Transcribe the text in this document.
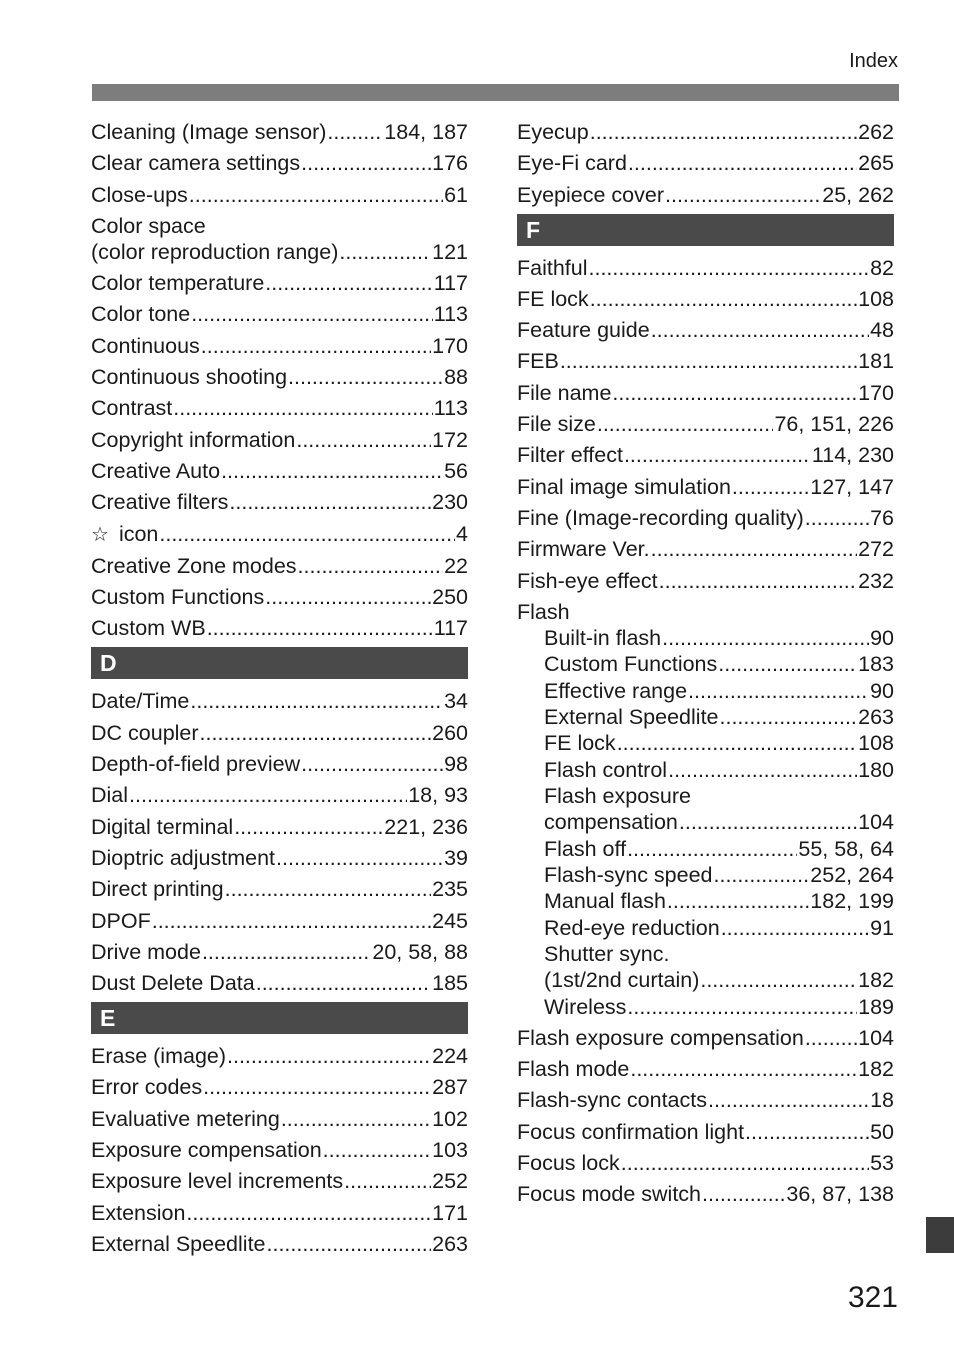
Index
Cleaning (Image sensor) .....	184, 187
Clear camera settings .....	176
Close-ups .....	61
Color space
(color reproduction range) .....	121
Color temperature .....	117
Color tone .....	113
Continuous .....	170
Continuous shooting .....	88
Contrast .....	113
Copyright information .....	172
Creative Auto .....	56
Creative filters .....	230
☆ icon .....	4
Creative Zone modes .....	22
Custom Functions .....	250
Custom WB .....	117
D
Date/Time .....	34
DC coupler .....	260
Depth-of-field preview .....	98
Dial .....	18, 93
Digital terminal .....	221, 236
Dioptric adjustment .....	39
Direct printing .....	235
DPOF .....	245
Drive mode .....	20, 58, 88
Dust Delete Data .....	185
E
Erase (image) .....	224
Error codes .....	287
Evaluative metering .....	102
Exposure compensation .....	103
Exposure level increments .....	252
Extension .....	171
External Speedlite .....	263
Eyecup .....	262
Eye-Fi card .....	265
Eyepiece cover .....	25, 262
F
Faithful .....	82
FE lock .....	108
Feature guide .....	48
FEB .....	181
File name .....	170
File size .....	76, 151, 226
Filter effect .....	114, 230
Final image simulation .....	127, 147
Fine (Image-recording quality) .....	76
Firmware Ver. .....	272
Fish-eye effect .....	232
Flash
Built-in flash .....	90
Custom Functions .....	183
Effective range .....	90
External Speedlite .....	263
FE lock .....	108
Flash control .....	180
Flash exposure
compensation .....	104
Flash off .....	55, 58, 64
Flash-sync speed .....	252, 264
Manual flash .....	182, 199
Red-eye reduction .....	91
Shutter sync.
(1st/2nd curtain) .....	182
Wireless .....	189
Flash exposure compensation .....	104
Flash mode .....	182
Flash-sync contacts .....	18
Focus confirmation light .....	50
Focus lock .....	53
Focus mode switch .....	36, 87, 138
321
